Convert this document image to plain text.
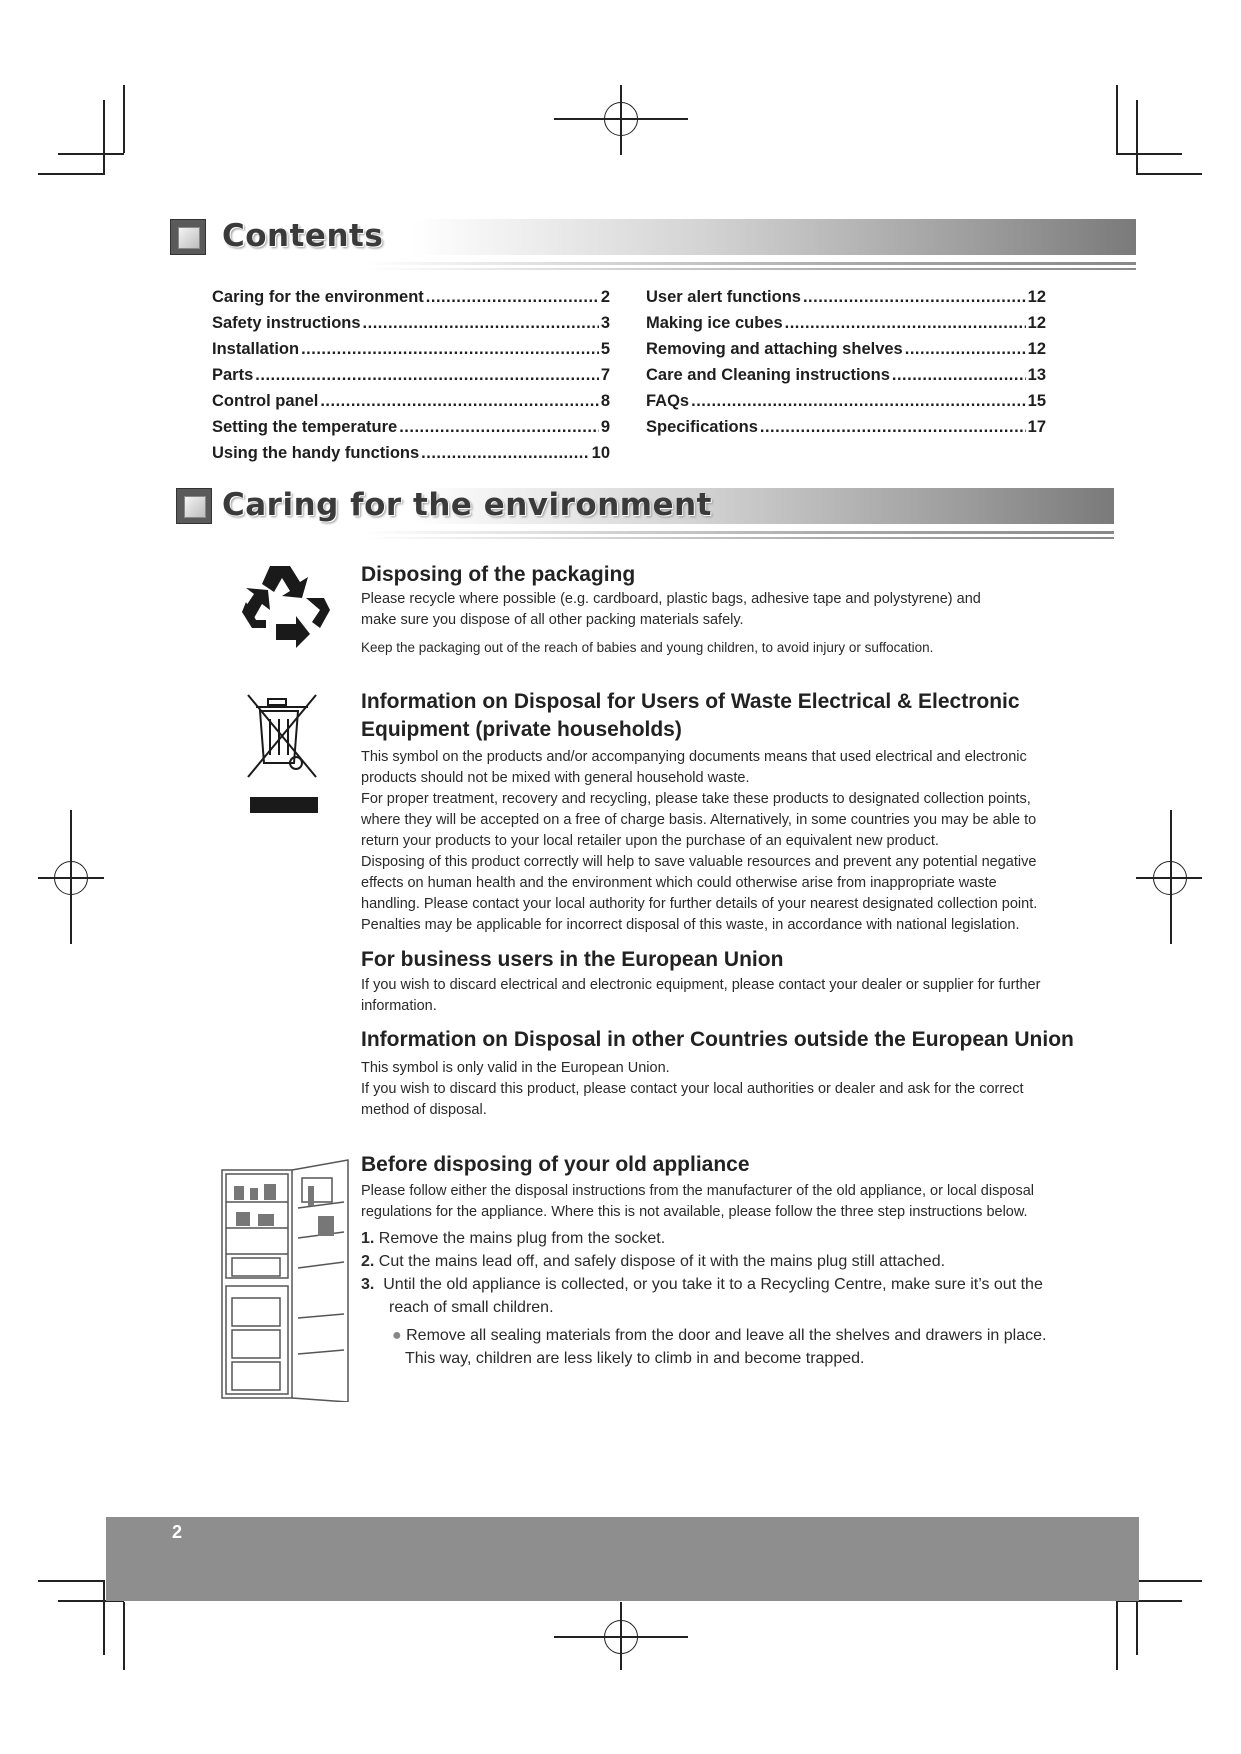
Contents
Caring for the environment .....	2
Safety instructions .....	3
Installation .....	5
Parts .....	7
Control panel .....	8
Setting the temperature .....	9
Using the handy functions .....	10
User alert functions .....	12
Making ice cubes .....	12
Removing and attaching shelves .....	12
Care and Cleaning instructions .....	13
FAQs .....	15
Specifications .....	17
Caring for the environment
Disposing of the packaging
Please recycle where possible (e.g. cardboard, plastic bags, adhesive tape and polystyrene) and
make sure you dispose of all other packing materials safely.
Keep the packaging out of the reach of babies and young children, to avoid injury or suffocation.
Information on Disposal for Users of Waste Electrical & Electronic
Equipment (private households)
This symbol on the products and/or accompanying documents means that used electrical and electronic
products should not be mixed with general household waste.
For proper treatment, recovery and recycling, please take these products to designated collection points,
where they will be accepted on a free of charge basis. Alternatively, in some countries you may be able to
return your products to your local retailer upon the purchase of an equivalent new product.
Disposing of this product correctly will help to save valuable resources and prevent any potential negative
effects on human health and the environment which could otherwise arise from inappropriate waste
handling. Please contact your local authority for further details of your nearest designated collection point.
Penalties may be applicable for incorrect disposal of this waste, in accordance with national legislation.
For business users in the European Union
If you wish to discard electrical and electronic equipment, please contact your dealer or supplier for further
information.
Information on Disposal in other Countries outside the European Union
This symbol is only valid in the European Union.
If you wish to discard this product, please contact your local authorities or dealer and ask for the correct
method of disposal.
Before disposing of your old appliance
Please follow either the disposal instructions from the manufacturer of the old appliance, or local disposal
regulations for the appliance. Where this is not available, please follow the three step instructions below.
1. Remove the mains plug from the socket.
2. Cut the mains lead off, and safely dispose of it with the mains plug still attached.
3. Until the old appliance is collected, or you take it to a Recycling Centre, make sure it’s out the
reach of small children.
● Remove all sealing materials from the door and leave all the shelves and drawers in place.
This way, children are less likely to climb in and become trapped.
2
